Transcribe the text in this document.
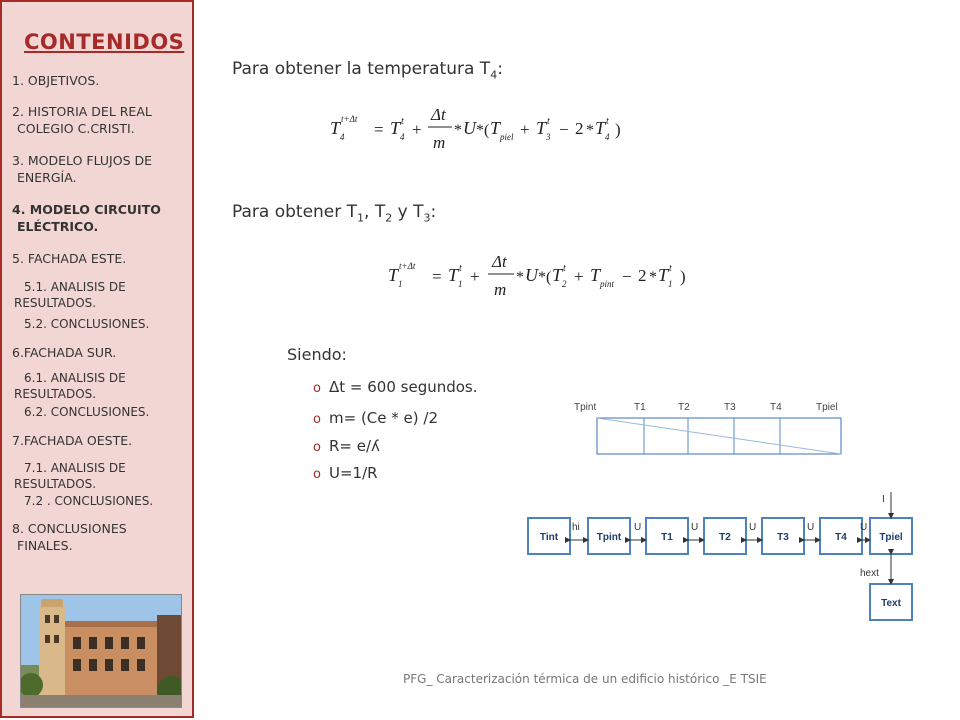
CONTENIDOS
1. OBJETIVOS.
2. HISTORIA DEL REAL
COLEGIO C.CRISTI.
3. MODELO FLUJOS DE
ENERGÍA.
4. MODELO CIRCUITO
ELÉCTRICO.
5. FACHADA ESTE.
5.1. ANALISIS DE
RESULTADOS.
5.2. CONCLUSIONES.
6.FACHADA SUR.
6.1. ANALISIS DE
RESULTADOS.
6.2. CONCLUSIONES.
7.FACHADA OESTE.
7.1. ANALISIS DE
RESULTADOS.
7.2 . CONCLUSIONES.
8. CONCLUSIONES
FINALES.
Para obtener la temperatura $T_4$:
T 4
t+Δt
= T 4
t +
Δt
m
* U *( T piel + T 3
t − 2 * T 4
t )
Para obtener $T_1$, $T_2$ y $T_3$:
T 1
t+Δt
= T 1
t +
Δt
m
* U *( T 2
t + T pint − 2 * T 1
t )
Siendo:
o Δt = 600 segundos.
o m= (Ce * e) /2
o R= e/ʎ
o U=1/R
Tpint	T1	T2	T3	T4	Tpiel
Tint	Tpint	T1	T2	T3	T4	Tpiel
Text
hi	U	U	U	U	U
I
hext
PFG_ Caracterización térmica de un edificio histórico _E TSIE
